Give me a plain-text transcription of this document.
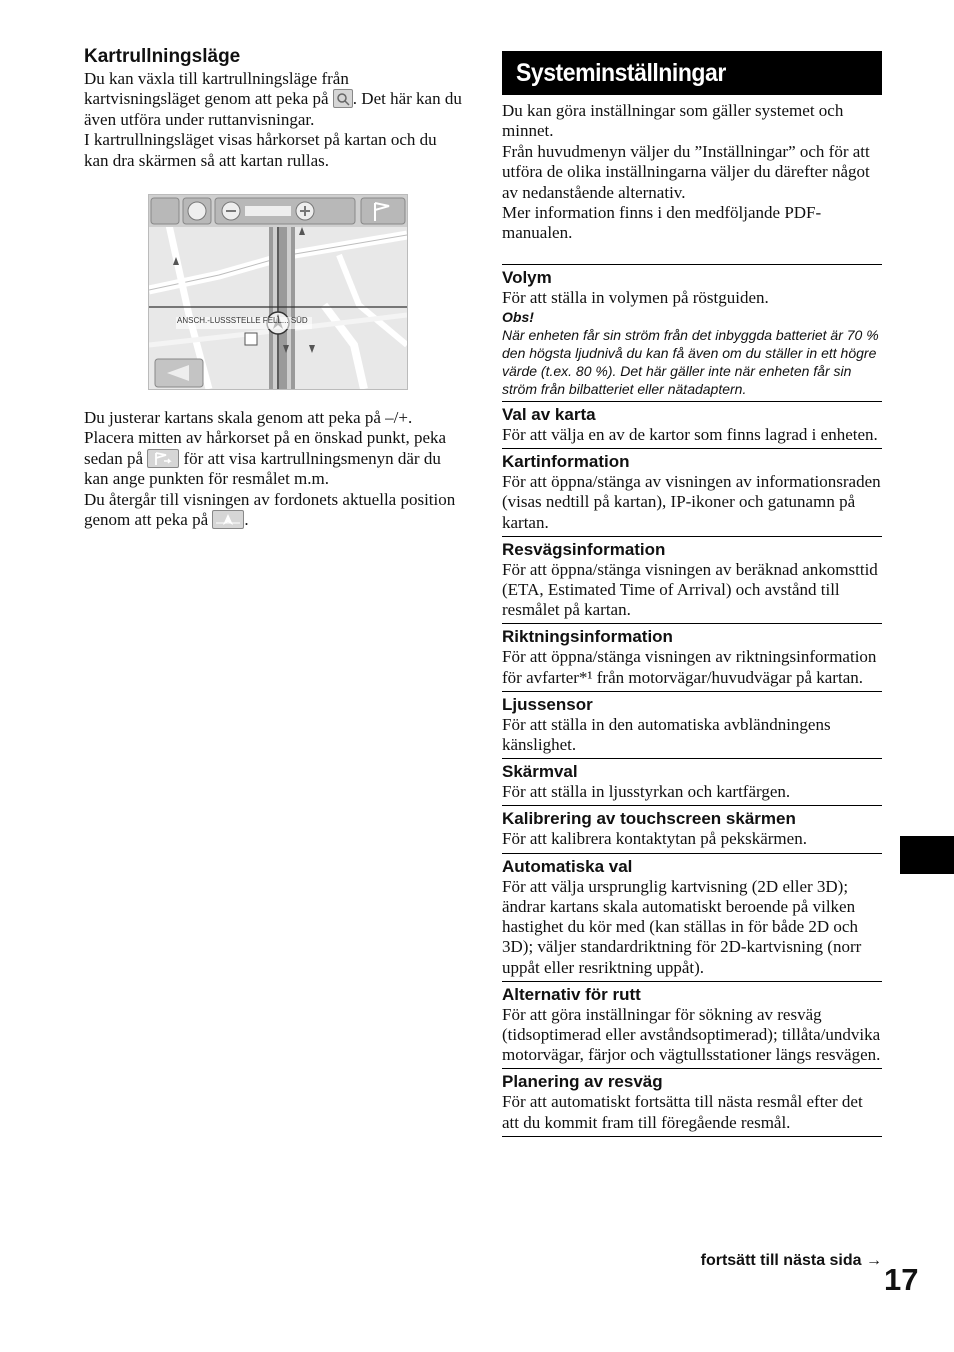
Kartrullningsläge
Du kan växla till kartrullningsläge från kartvisningsläget genom att peka på . Det här kan du även utföra under ruttanvisningar.
I kartrullningsläget visas hårkorset på kartan och du kan dra skärmen så att kartan rullas.
ANSCH.-LUSSSTELLE FELL... SÜD
Du justerar kartans skala genom att peka på –/+.
Placera mitten av hårkorset på en önskad punkt, peka sedan på  för att visa kartrullningsmenyn där du kan ange punkten för resmålet m.m.
Du återgår till visningen av fordonets aktuella position genom att peka på .
Systeminställningar
Du kan göra inställningar som gäller systemet och minnet.
Från huvudmenyn väljer du ”Inställningar” och för att utföra de olika inställningarna väljer du därefter något av nedanstående alternativ.
Mer information finns i den medföljande PDF-manualen.
Volym
För att ställa in volymen på röstguiden.
Obs!
När enheten får sin ström från det inbyggda batteriet är 70 % den högsta ljudnivå du kan få även om du ställer in ett högre värde (t.ex. 80 %). Det här gäller inte när enheten får sin ström från bilbatteriet eller nätadaptern.
Val av karta
För att välja en av de kartor som finns lagrad i enheten.
Kartinformation
För att öppna/stänga av visningen av informationsraden (visas nedtill på kartan), IP-ikoner och gatunamn på kartan.
Resvägsinformation
För att öppna/stänga visningen av beräknad ankomsttid (ETA, Estimated Time of Arrival) och avstånd till resmålet på kartan.
Riktningsinformation
För att öppna/stänga visningen av riktningsinformation för avfarter*¹ från motorvägar/huvudvägar på kartan.
Ljussensor
För att ställa in den automatiska avbländningens känslighet.
Skärmval
För att ställa in ljusstyrkan och kartfärgen.
Kalibrering av touchscreen skärmen
För att kalibrera kontaktytan på pekskärmen.
Automatiska val
För att välja ursprunglig kartvisning (2D eller 3D); ändrar kartans skala automatiskt beroende på vilken hastighet du kör med (kan ställas in för både 2D och 3D); väljer standardriktning för 2D-kartvisning (norr uppåt eller resriktning uppåt).
Alternativ för rutt
För att göra inställningar för sökning av resväg (tidsoptimerad eller avståndsoptimerad); tillåta/undvika motorvägar, färjor och vägtullsstationer längs resvägen.
Planering av resväg
För att automatiskt fortsätta till nästa resmål efter det att du kommit fram till föregående resmål.
fortsätt till nästa sida →
17
